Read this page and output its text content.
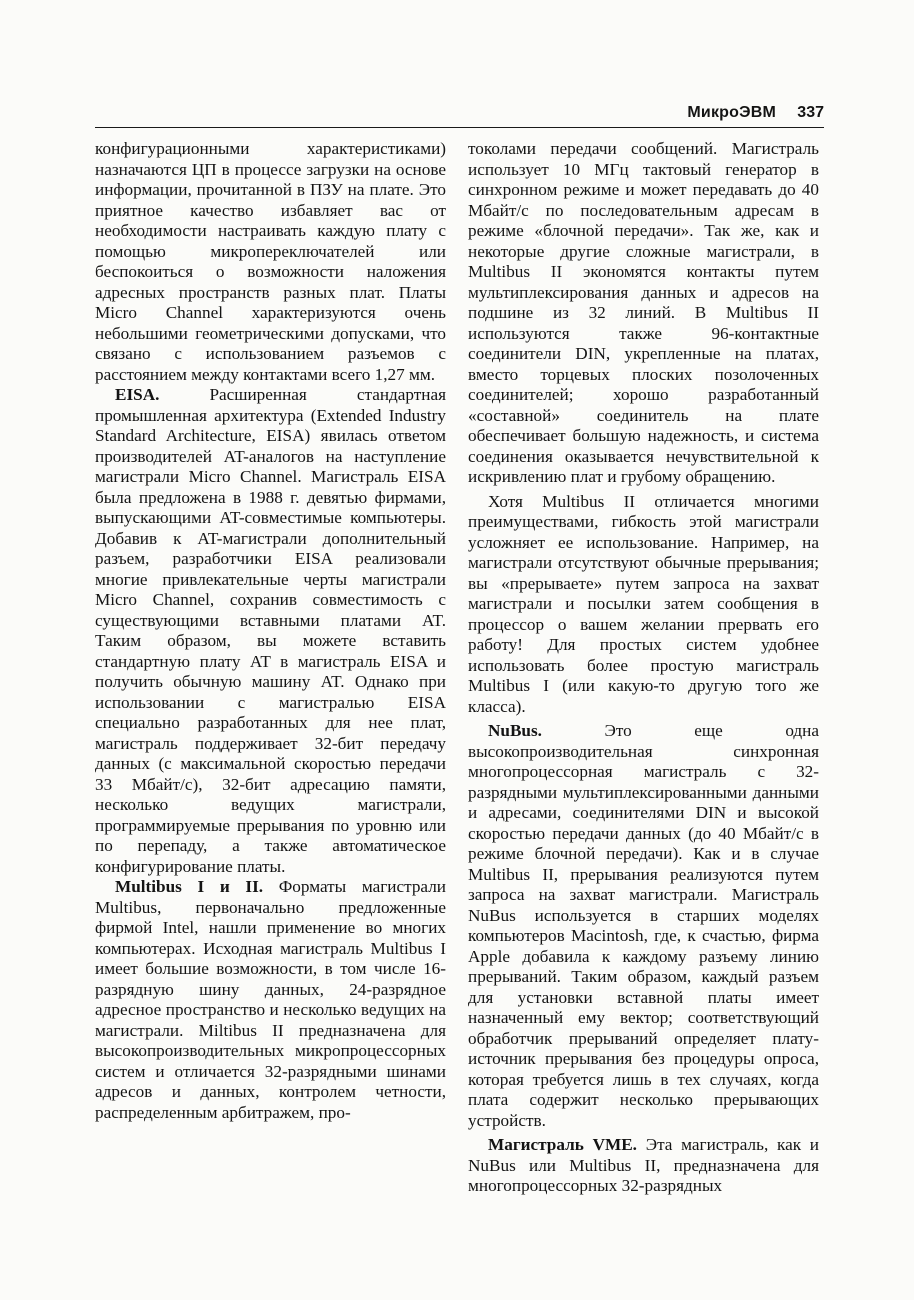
МикроЭВМ 337

конфигурационными характеристиками) назначаются ЦП в процессе загрузки на основе информации, прочитанной в ПЗУ на плате. Это приятное качество избавляет вас от необходимости настраивать каждую плату с помощью микропереключателей или беспокоиться о возможности наложения адресных пространств разных плат. Платы Micro Channel характеризуются очень небольшими геометрическими допусками, что связано с использованием разъемов с расстоянием между контактами всего 1,27 мм.

EISA.	Расширенная стандартная промышленная архитектура (Extended Industry Standard Architecture, EISA) явилась ответом производителей AT-аналогов на наступление магистрали Micro Channel. Магистраль EISA была предложена в 1988 г. девятью фирмами, выпускающими AT-совместимые компьютеры. Добавив к AT-магистрали дополнительный разъем, разработчики EISA реализовали многие привлекательные черты магистрали Micro Channel, сохранив совместимость с существующими вставными платами AT. Таким образом, вы можете вставить стандартную плату AT в магистраль EISA и получить обычную машину AT. Однако при использовании с магистралью EISA специально разработанных для нее плат, магистраль поддерживает 32-бит передачу данных (с максимальной скоростью передачи 33 Мбайт/с), 32-бит адресацию памяти, несколько ведущих магистрали, программируемые прерывания по уровню или по перепаду, а также автоматическое конфигурирование платы.

Multibus I и II. Форматы магистрали Multibus, первоначально предложенные фирмой Intel, нашли применение во многих компьютерах. Исходная магистраль Multibus I имеет большие возможности, в том числе 16-разрядную шину данных, 24-разрядное адресное пространство и несколько ведущих на магистрали. Miltibus II предназначена для высокопроизводительных микропроцессорных систем и отличается 32-разрядными шинами адресов и данных, контролем четности, распределенным арбитражем, про-

токолами передачи сообщений. Магистраль использует 10 МГц тактовый генератор в синхронном режиме и может передавать до 40 Мбайт/с по последовательным адресам в режиме «блочной передачи». Так же, как и некоторые другие сложные магистрали, в Multibus II экономятся контакты путем мультиплексирования данных и адресов на подшине из 32 линий. В Multibus II используются также 96-контактные соединители DIN, укрепленные на платах, вместо торцевых плоских позолоченных соединителей; хорошо разработанный «составной» соединитель на плате обеспечивает большую надежность, и система соединения оказывается нечувствительной к искривлению плат и грубому обращению.

Хотя Multibus II отличается многими преимуществами, гибкость этой магистрали усложняет ее использование. Например, на магистрали отсутствуют обычные прерывания; вы «прерываете» путем запроса на захват магистрали и посылки затем сообщения в процессор о вашем желании прервать его работу! Для простых систем удобнее использовать более простую магистраль Multibus I (или какую-то другую того же класса).

NuBus.	Это еще одна высокопроизводительная синхронная многопроцессорная магистраль с 32-разрядными мультиплексированными данными и адресами, соединителями DIN и высокой скоростью передачи данных (до 40 Мбайт/с в режиме блочной передачи). Как и в случае Multibus II, прерывания реализуются путем запроса на захват магистрали. Магистраль NuBus используется в старших моделях компьютеров Macintosh, где, к счастью, фирма Apple добавила к каждому разъему линию прерываний. Таким образом, каждый разъем для установки вставной платы имеет назначенный ему вектор; соответствующий обработчик прерываний определяет плату-источник прерывания без процедуры опроса, которая требуется лишь в тех случаях, когда плата содержит несколько прерывающих устройств.

Магистраль VME. Эта магистраль, как и NuBus или Multibus II, предназначена для многопроцессорных 32-разрядных
